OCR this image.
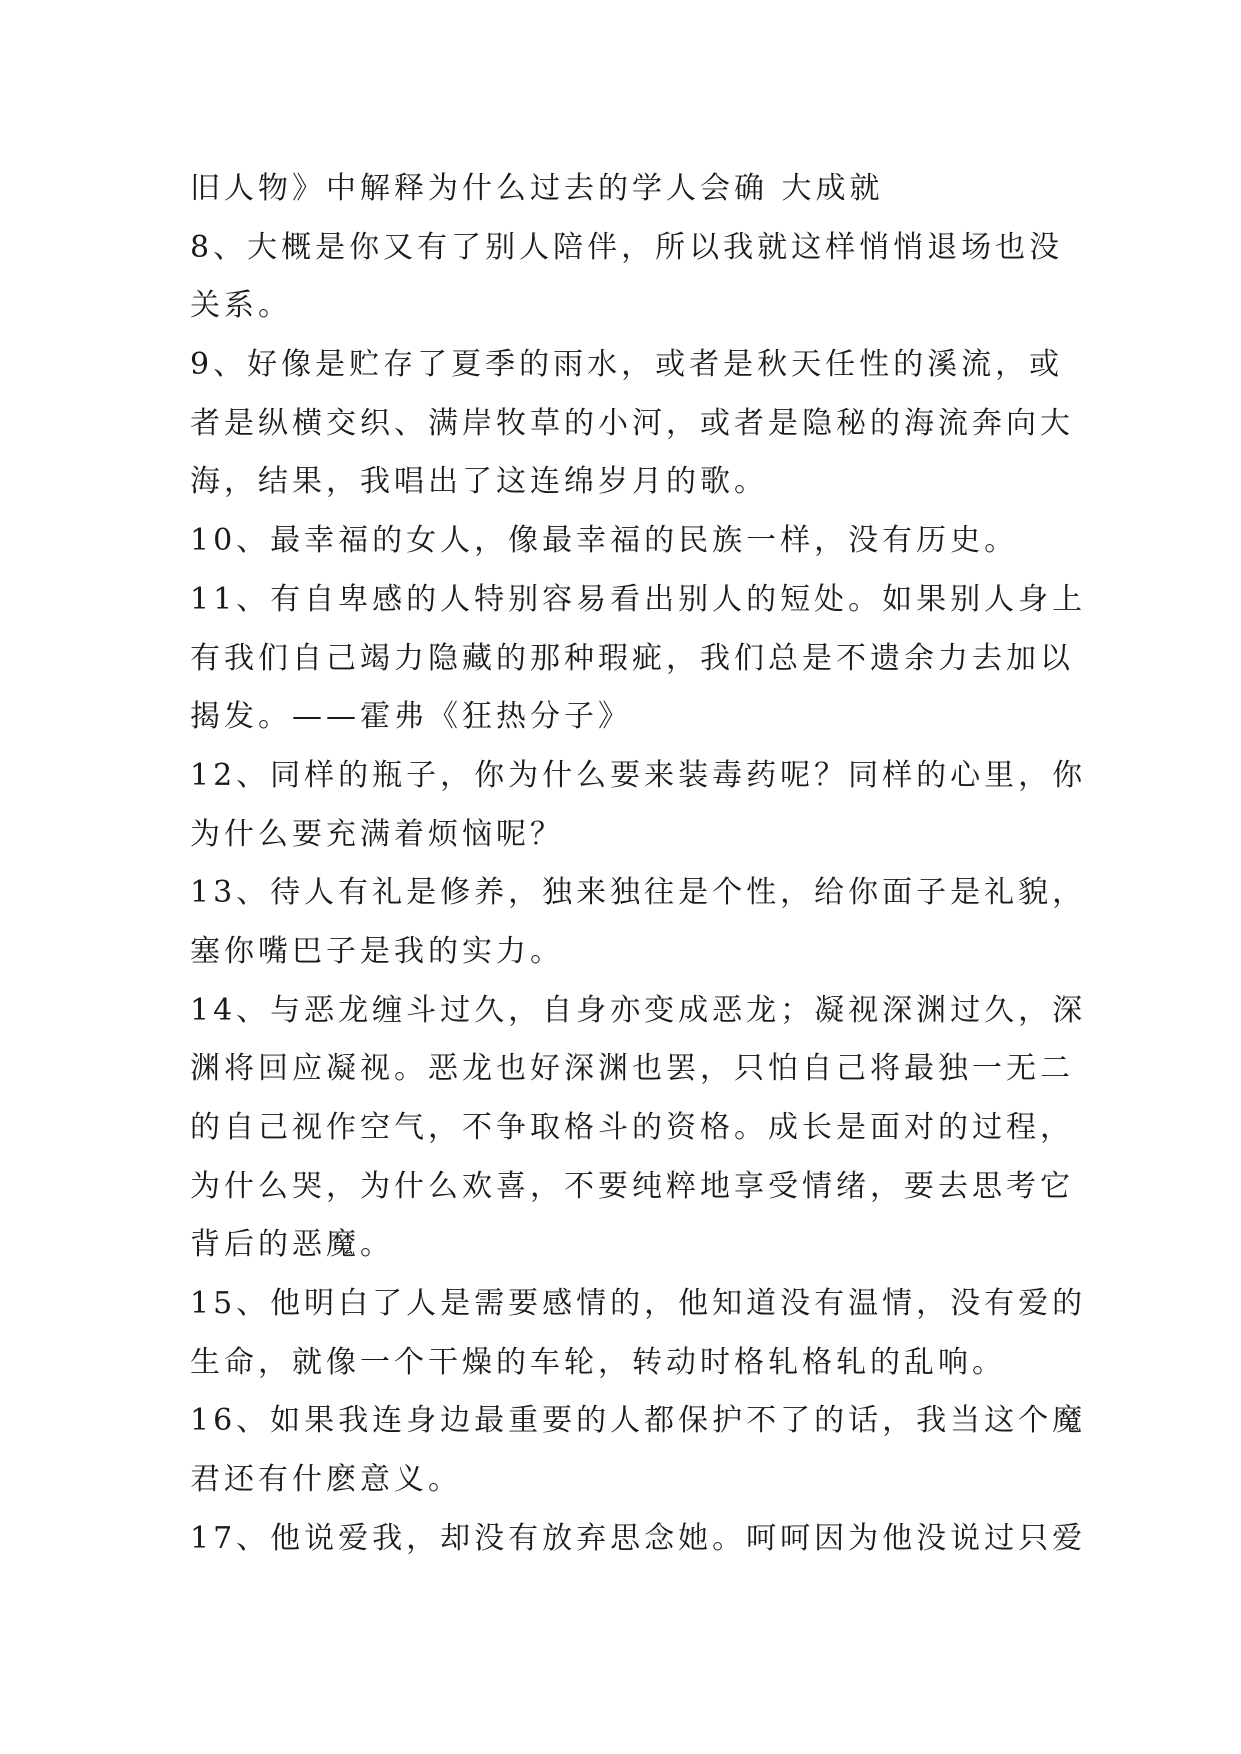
旧人物》中解释为什么过去的学人会确 大成就
8、大概是你又有了别人陪伴，所以我就这样悄悄退场也没
关系。
9、好像是贮存了夏季的雨水，或者是秋天任性的溪流，或
者是纵横交织、满岸牧草的小河，或者是隐秘的海流奔向大
海，结果，我唱出了这连绵岁月的歌。
10、最幸福的女人，像最幸福的民族一样，没有历史。
11、有自卑感的人特别容易看出别人的短处。如果别人身上
有我们自己竭力隐藏的那种瑕疵，我们总是不遗余力去加以
揭发。——霍弗《狂热分子》
12、同样的瓶子，你为什么要来装毒药呢？同样的心里，你
为什么要充满着烦恼呢？
13、待人有礼是修养，独来独往是个性，给你面子是礼貌，
塞你嘴巴子是我的实力。
14、与恶龙缠斗过久，自身亦变成恶龙；凝视深渊过久，深
渊将回应凝视。恶龙也好深渊也罢，只怕自己将最独一无二
的自己视作空气，不争取格斗的资格。成长是面对的过程，
为什么哭，为什么欢喜，不要纯粹地享受情绪，要去思考它
背后的恶魔。
15、他明白了人是需要感情的，他知道没有温情，没有爱的
生命，就像一个干燥的车轮，转动时格轧格轧的乱响。
16、如果我连身边最重要的人都保护不了的话，我当这个魔
君还有什麽意义。
17、他说爱我，却没有放弃思念她。呵呵因为他没说过只爱
